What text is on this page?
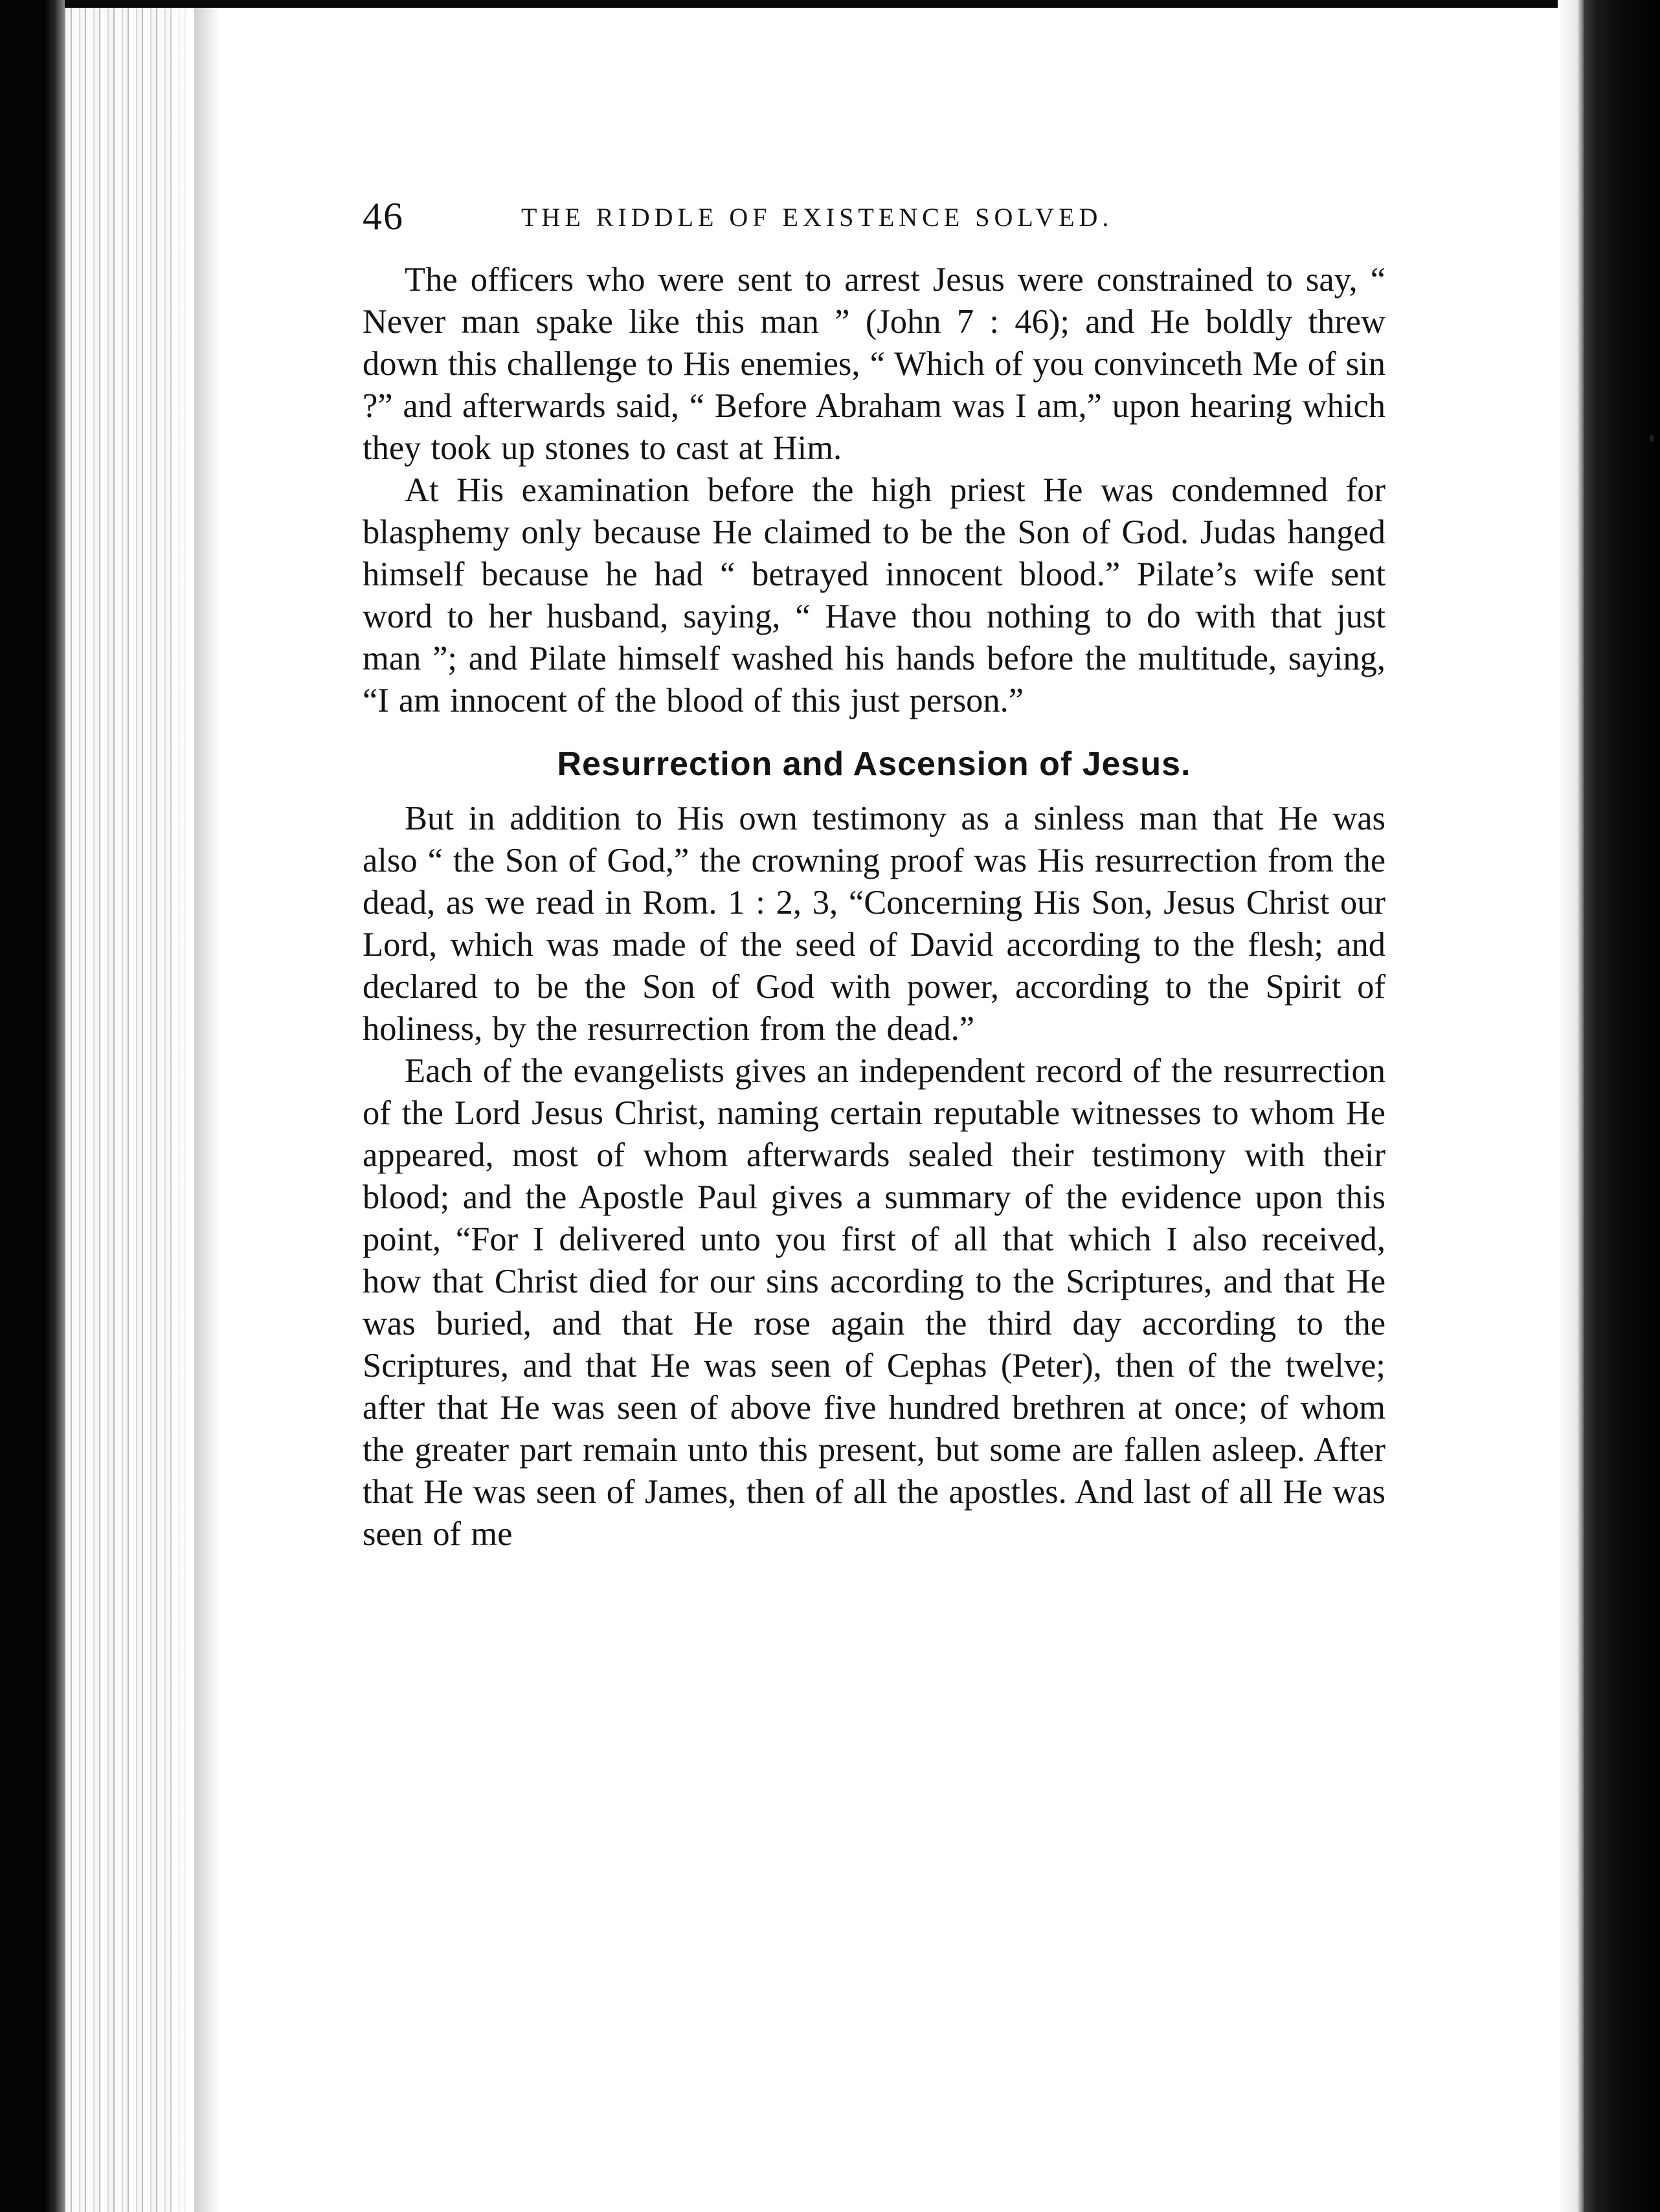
46	THE RIDDLE OF EXISTENCE SOLVED.

The officers who were sent to arrest Jesus were constrained to say, “ Never man spake like this man ” (John 7 : 46); and He boldly threw down this challenge to His enemies, “ Which of you convinceth Me of sin ?” and afterwards said, “ Before Abraham was I am,” upon hearing which they took up stones to cast at Him.

At His examination before the high priest He was condemned for blasphemy only because He claimed to be the Son of God. Judas hanged himself because he had “ betrayed innocent blood.” Pilate’s wife sent word to her husband, saying, “ Have thou nothing to do with that just man ”; and Pilate himself washed his hands before the multitude, saying, “I am innocent of the blood of this just person.”

Resurrection and Ascension of Jesus.

But in addition to His own testimony as a sinless man that He was also “ the Son of God,” the crowning proof was His resurrection from the dead, as we read in Rom. 1 : 2, 3, “Concerning His Son, Jesus Christ our Lord, which was made of the seed of David according to the flesh; and declared to be the Son of God with power, according to the Spirit of holiness, by the resurrection from the dead.”

Each of the evangelists gives an independent record of the resurrection of the Lord Jesus Christ, naming certain reputable witnesses to whom He appeared, most of whom afterwards sealed their testimony with their blood; and the Apostle Paul gives a summary of the evidence upon this point, “For I delivered unto you first of all that which I also received, how that Christ died for our sins according to the Scriptures, and that He was buried, and that He rose again the third day according to the Scriptures, and that He was seen of Cephas (Peter), then of the twelve; after that He was seen of above five hundred brethren at once; of whom the greater part remain unto this present, but some are fallen asleep. After that He was seen of James, then of all the apostles. And last of all He was seen of me
